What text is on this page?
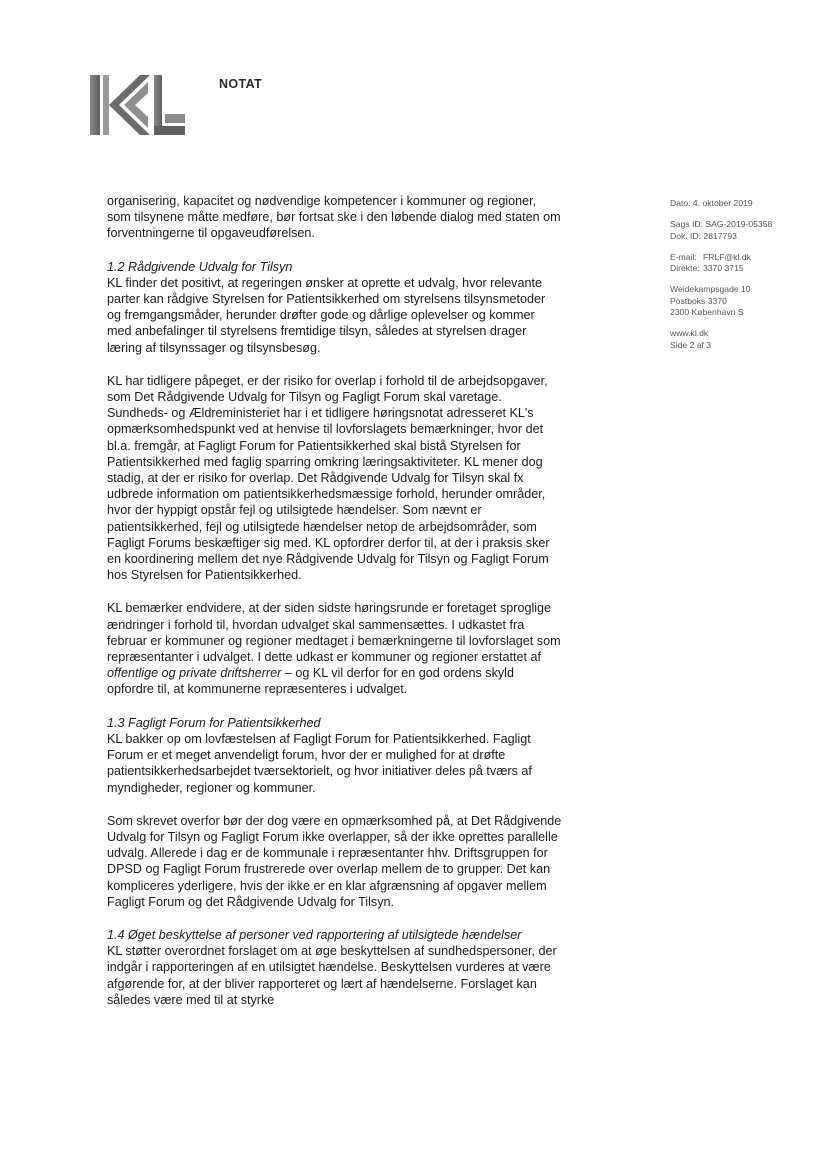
NOTAT

organisering, kapacitet og nødvendige kompetencer i kommuner og regioner, som tilsynene måtte medføre, bør fortsat ske i den løbende dialog med staten om forventningerne til opgaveudførelsen.

1.2 Rådgivende Udvalg for Tilsyn

KL finder det positivt, at regeringen ønsker at oprette et udvalg, hvor relevante parter kan rådgive Styrelsen for Patientsikkerhed om styrelsens tilsynsmetoder og fremgangsmåder, herunder drøfter gode og dårlige oplevelser og kommer med anbefalinger til styrelsens fremtidige tilsyn, således at styrelsen drager læring af tilsynssager og tilsynsbesøg.

KL har tidligere påpeget, er der risiko for overlap i forhold til de arbejdsopgaver, som Det Rådgivende Udvalg for Tilsyn og Fagligt Forum skal varetage. Sundheds- og Ældreministeriet har i et tidligere høringsnotat adresseret KL's opmærksomhedspunkt ved at henvise til lovforslagets bemærkninger, hvor det bl.a. fremgår, at Fagligt Forum for Patientsikkerhed skal bistå Styrelsen for Patientsikkerhed med faglig sparring omkring læringsaktiviteter. KL mener dog stadig, at der er risiko for overlap. Det Rådgivende Udvalg for Tilsyn skal fx udbrede information om patientsikkerhedsmæssige forhold, herunder områder, hvor der hyppigt opstår fejl og utilsigtede hændelser. Som nævnt er patientsikkerhed, fejl og utilsigtede hændelser netop de arbejdsområder, som Fagligt Forums beskæftiger sig med. KL opfordrer derfor til, at der i praksis sker en koordinering mellem det nye Rådgivende Udvalg for Tilsyn og Fagligt Forum hos Styrelsen for Patientsikkerhed.

KL bemærker endvidere, at der siden sidste høringsrunde er foretaget sproglige ændringer i forhold til, hvordan udvalget skal sammensættes. I udkastet fra februar er kommuner og regioner medtaget i bemærkningerne til lovforslaget som repræsentanter i udvalget. I dette udkast er kommuner og regioner erstattet af offentlige og private driftsherrer – og KL vil derfor for en god ordens skyld opfordre til, at kommunerne repræsenteres i udvalget.

1.3 Fagligt Forum for Patientsikkerhed

KL bakker op om lovfæstelsen af Fagligt Forum for Patientsikkerhed. Fagligt Forum er et meget anvendeligt forum, hvor der er mulighed for at drøfte patientsikkerhedsarbejdet tværsektorielt, og hvor initiativer deles på tværs af myndigheder, regioner og kommuner.

Som skrevet overfor bør der dog være en opmærksomhed på, at Det Rådgivende Udvalg for Tilsyn og Fagligt Forum ikke overlapper, så der ikke oprettes parallelle udvalg. Allerede i dag er de kommunale i repræsentanter hhv. Driftsgruppen for DPSD og Fagligt Forum frustrerede over overlap mellem de to grupper. Det kan kompliceres yderligere, hvis der ikke er en klar afgrænsning af opgaver mellem Fagligt Forum og det Rådgivende Udvalg for Tilsyn.

1.4 Øget beskyttelse af personer ved rapportering af utilsigtede hændelser

KL støtter overordnet forslaget om at øge beskyttelsen af sundhedspersoner, der indgår i rapporteringen af en utilsigtet hændelse. Beskyttelsen vurderes at være afgørende for, at der bliver rapporteret og lært af hændelserne. Forslaget kan således være med til at styrke

Dato: 4. oktober 2019
Sags ID: SAG-2019-05358
Dok. ID: 2817793
E-mail: FRLF@kl.dk
Direkte: 3370 3715
Weidekampsgade 10
Postboks 3370
2300 København S
www.kl.dk
Side 2 af 3
